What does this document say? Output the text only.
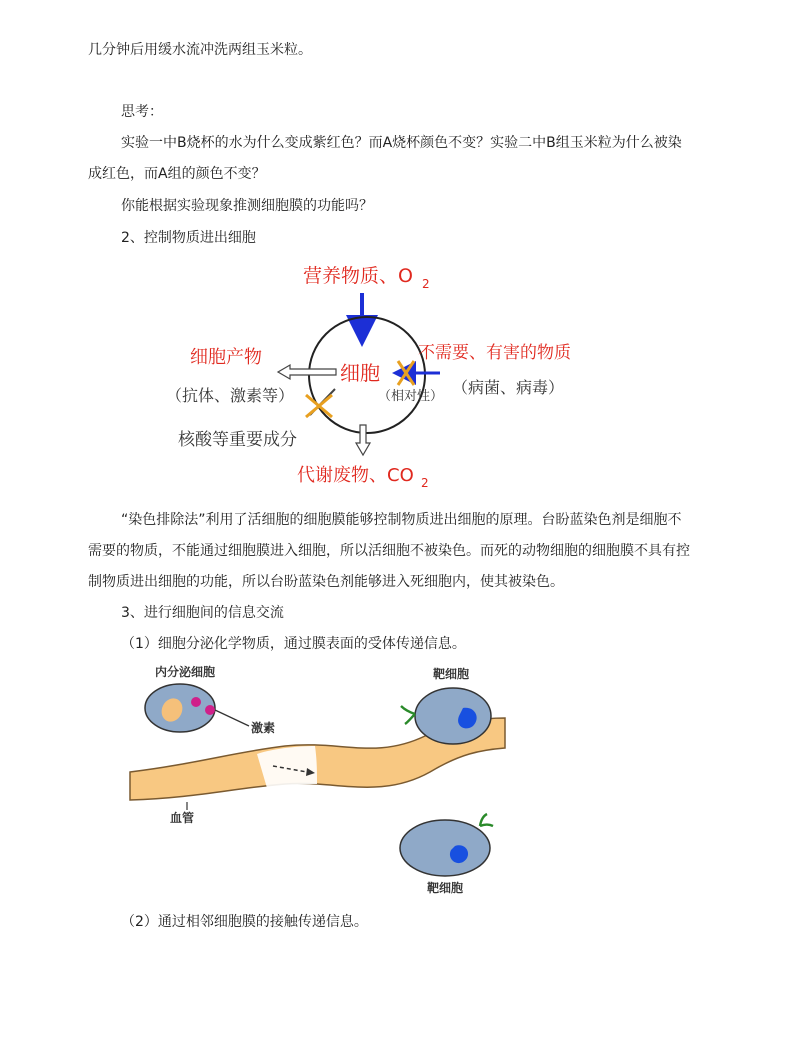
几分钟后用缓水流冲洗两组玉米粒。
思考：
实验一中B烧杯的水为什么变成紫红色？而A烧杯颜色不变？实验二中B组玉米粒为什么被染
成红色，而A组的颜色不变？
你能根据实验现象推测细胞膜的功能吗？
2、控制物质进出细胞
营养物质、O 2
细胞
（相对性）
不需要、有害的物质
（病菌、病毒）
细胞产物
（抗体、激素等）
核酸等重要成分
代谢废物、CO 2
“染色排除法”利用了活细胞的细胞膜能够控制物质进出细胞的原理。台盼蓝染色剂是细胞不
需要的物质，不能通过细胞膜进入细胞，所以活细胞不被染色。而死的动物细胞的细胞膜不具有控
制物质进出细胞的功能，所以台盼蓝染色剂能够进入死细胞内，使其被染色。
3、进行细胞间的信息交流
（1）细胞分泌化学物质，通过膜表面的受体传递信息。
内分泌细胞
激素
靶细胞
血管
靶细胞
（2）通过相邻细胞膜的接触传递信息。
